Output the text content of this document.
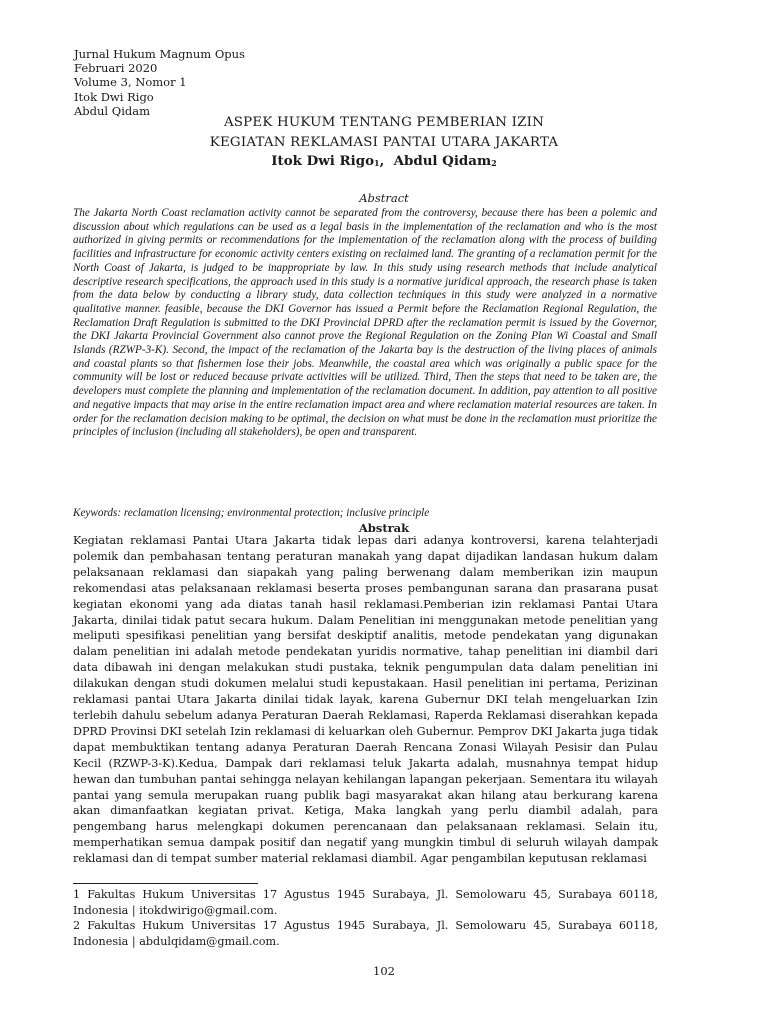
Jurnal Hukum Magnum Opus
Februari 2020
Volume 3, Nomor 1
Itok Dwi Rigo
Abdul Qidam
ASPEK HUKUM TENTANG PEMBERIAN IZIN
KEGIATAN REKLAMASI PANTAI UTARA JAKARTA
Itok Dwi Rigo$_1$,  Abdul Qidam$_2$
Abstract

The Jakarta North Coast reclamation activity cannot be separated from the controversy, because there has been a polemic and discussion about which regulations can be used as a legal basis in the implementation of the reclamation and who is the most authorized in giving permits or recommendations for the implementation of the reclamation along with the process of building facilities and infrastructure for economic activity centers existing on reclaimed land. The granting of a reclamation permit for the North Coast of Jakarta, is judged to be inappropriate by law. In this study using research methods that include analytical descriptive research specifications, the approach used in this study is a normative juridical approach, the research phase is taken from the data below by conducting a library study, data collection techniques in this study were analyzed in a normative qualitative manner. feasible, because the DKI Governor has issued a Permit before the Reclamation Regional Regulation, the Reclamation Draft Regulation is submitted to the DKI Provincial DPRD after the reclamation permit is issued by the Governor, the DKI Jakarta Provincial Government also cannot prove the Regional Regulation on the Zoning Plan Wi Coastal and Small Islands (RZWP-3-K). Second, the impact of the reclamation of the Jakarta bay is the destruction of the living places of animals and coastal plants so that fishermen lose their jobs. Meanwhile, the coastal area which was originally a public space for the community will be lost or reduced because private activities will be utilized. Third, Then the steps that need to be taken are, the developers must complete the planning and implementation of the reclamation document. In addition, pay attention to all positive and negative impacts that may arise in the entire reclamation impact area and where reclamation material resources are taken. In order for the reclamation decision making to be optimal, the decision on what must be done in the reclamation must prioritize the principles of inclusion (including all stakeholders), be open and transparent.

Keywords: reclamation licensing; environmental protection; inclusive principle
Abstrak

Kegiatan reklamasi Pantai Utara Jakarta tidak lepas dari adanya kontroversi, karena telahterjadi polemik dan pembahasan tentang peraturan manakah yang dapat dijadikan landasan hukum dalam pelaksanaan reklamasi dan siapakah yang paling berwenang dalam memberikan izin maupun rekomendasi atas pelaksanaan reklamasi beserta proses pembangunan sarana dan prasarana pusat kegiatan ekonomi yang ada diatas tanah hasil reklamasi.Pemberian izin reklamasi Pantai Utara Jakarta, dinilai tidak patut secara hukum. Dalam Penelitian ini menggunakan metode penelitian yang meliputi spesifikasi penelitian yang bersifat deskiptif analitis, metode pendekatan yang digunakan dalam penelitian ini adalah metode pendekatan yuridis normative, tahap penelitian ini diambil dari data dibawah ini dengan melakukan studi pustaka, teknik pengumpulan data dalam penelitian ini dilakukan dengan studi dokumen melalui studi kepustakaan. Hasil penelitian ini pertama, Perizinan reklamasi pantai Utara Jakarta dinilai tidak layak, karena Gubernur DKI telah mengeluarkan Izin terlebih dahulu sebelum adanya Peraturan Daerah Reklamasi, Raperda Reklamasi diserahkan kepada DPRD Provinsi DKI setelah Izin reklamasi di keluarkan oleh Gubernur. Pemprov DKI Jakarta juga tidak dapat membuktikan tentang adanya Peraturan Daerah Rencana Zonasi Wilayah Pesisir dan Pulau Kecil (RZWP-3-K).Kedua, Dampak dari reklamasi teluk Jakarta adalah, musnahnya tempat hidup hewan dan tumbuhan pantai sehingga nelayan kehilangan lapangan pekerjaan. Sementara itu wilayah pantai yang semula merupakan ruang publik bagi masyarakat akan hilang atau berkurang karena akan dimanfaatkan kegiatan privat. Ketiga, Maka langkah yang perlu diambil adalah, para pengembang harus melengkapi dokumen perencanaan dan pelaksanaan reklamasi. Selain itu, memperhatikan semua dampak positif dan negatif yang mungkin timbul di seluruh wilayah dampak reklamasi dan di tempat sumber material reklamasi diambil. Agar pengambilan keputusan reklamasi

1 Fakultas Hukum Universitas 17 Agustus 1945 Surabaya, Jl. Semolowaru 45, Surabaya 60118, Indonesia | itokdwirigo@gmail.com.

2 Fakultas Hukum Universitas 17 Agustus 1945 Surabaya, Jl. Semolowaru 45, Surabaya 60118, Indonesia | abdulqidam@gmail.com.

102
